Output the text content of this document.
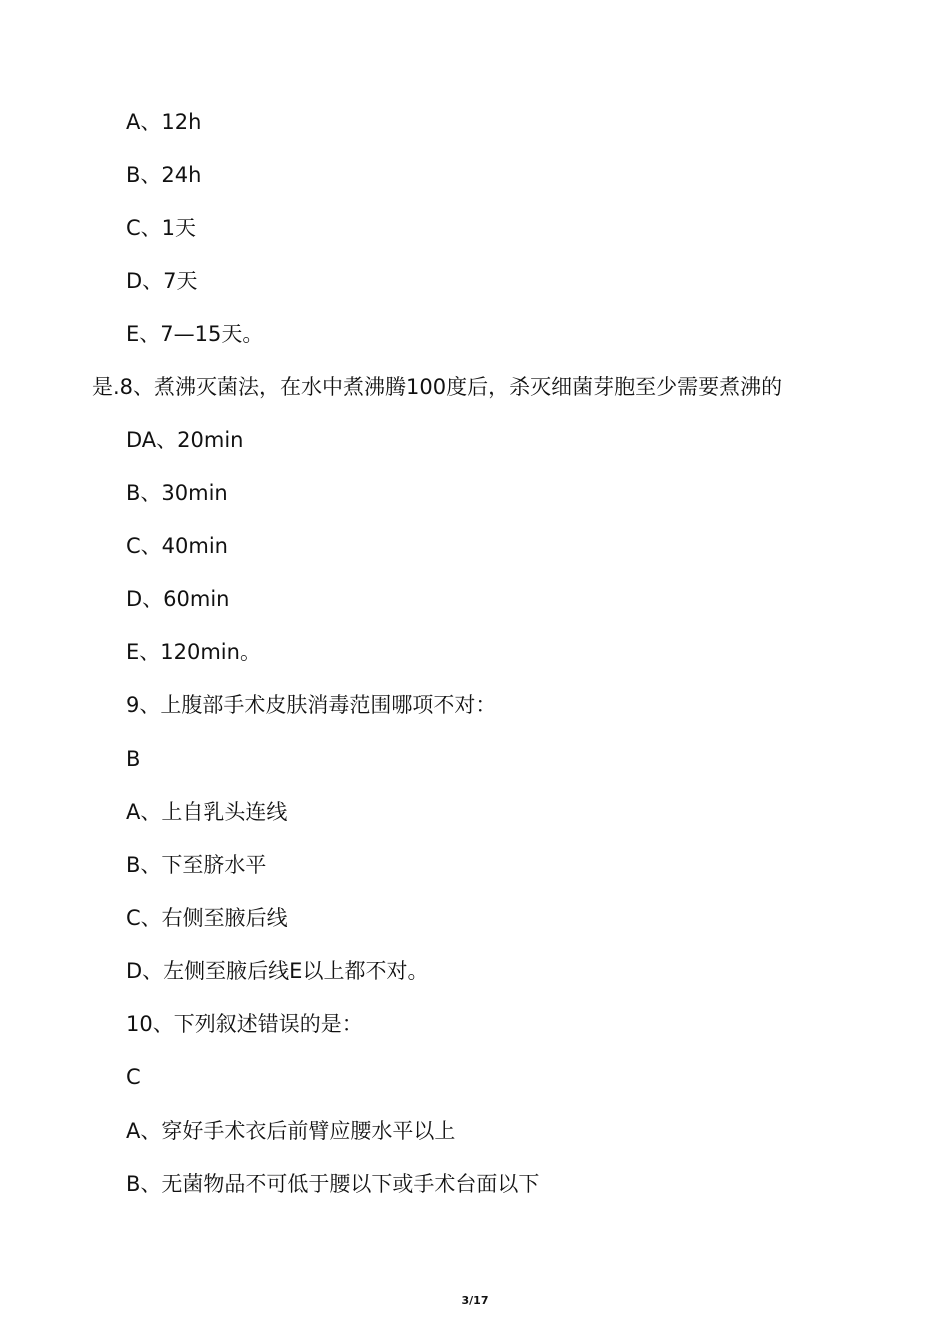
A、12h
B、24h
C、1天
D、7天
E、7—15天。
是.8、煮沸灭菌法，在水中煮沸腾100度后，杀灭细菌芽胞至少需要煮沸的
DA、20min
B、30min
C、40min
D、60min
E、120min。
9、上腹部手术皮肤消毒范围哪项不对：
B
A、上自乳头连线
B、下至脐水平
C、右侧至腋后线
D、左侧至腋后线E以上都不对。
10、下列叙述错误的是：
C
A、穿好手术衣后前臂应腰水平以上
B、无菌物品不可低于腰以下或手术台面以下
3/17
